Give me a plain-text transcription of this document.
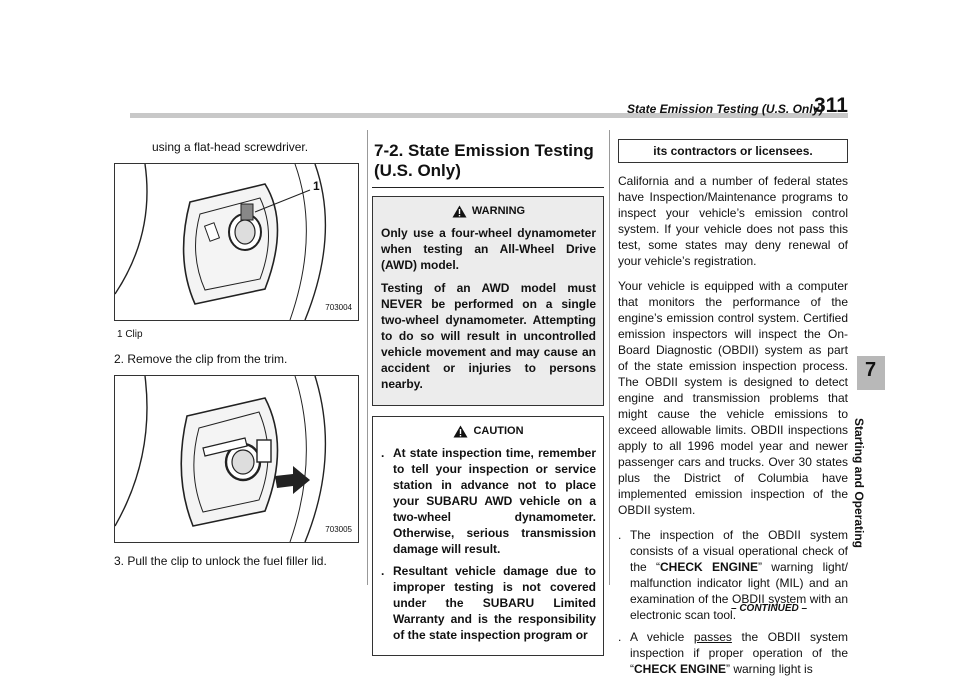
State Emission Testing (U.S. Only)
311
using a flat-head screwdriver.
1
703004
1 Clip
2. Remove the clip from the trim.
703005
3. Pull the clip to unlock the fuel filler lid.
7-2. State Emission Testing
(U.S. Only)
WARNING

Only use a four-wheel dynamometer when testing an All-Wheel Drive (AWD) model.

Testing of an AWD model must NEVER be performed on a single two-wheel dynamometer. Attempting to do so will result in uncontrolled vehicle movement and may cause an accident or injuries to persons nearby.

CAUTION
. At state inspection time, remember to tell your inspection or service station in advance not to place your SUBARU AWD vehicle on a two-wheel dynamometer. Otherwise, serious transmission damage will result.
. Resultant vehicle damage due to improper testing is not covered under the SUBARU Limited Warranty and is the responsibility of the state inspection program or
its contractors or licensees.

California and a number of federal states have Inspection/Maintenance programs to inspect your vehicle’s emission control system. If your vehicle does not pass this test, some states may deny renewal of your vehicle’s registration.

Your vehicle is equipped with a computer that monitors the performance of the engine’s emission control system. Certified emission inspectors will inspect the On-Board Diagnostic (OBDII) system as part of the state emission inspection process. The OBDII system is designed to detect engine and transmission problems that might cause the vehicle emissions to exceed allowable limits. OBDII inspections apply to all 1996 model year and newer passenger cars and trucks. Over 30 states plus the District of Columbia have implemented emission inspection of the OBDII system.

. The inspection of the OBDII system consists of a visual operational check of the “CHECK ENGINE” warning light/ malfunction indicator light (MIL) and an examination of the OBDII system with an electronic scan tool.
. A vehicle passes the OBDII system inspection if proper operation of the “CHECK ENGINE” warning light is
– CONTINUED –
7
Starting and Operating
